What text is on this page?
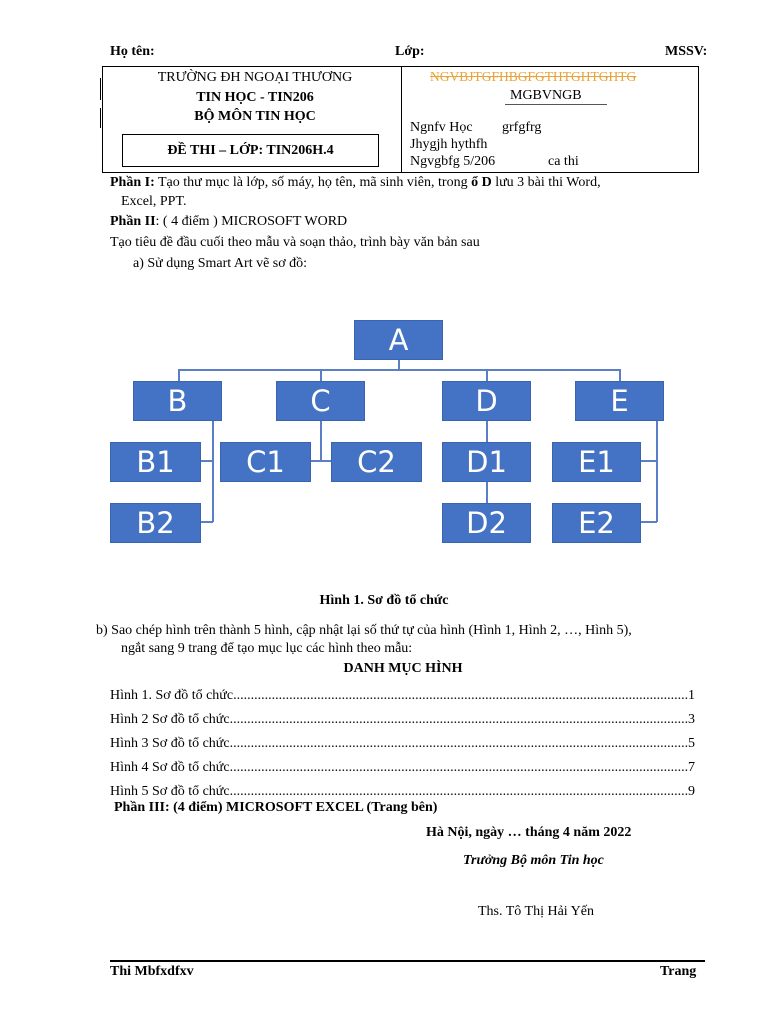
Họ tên:	Lớp:	MSSV:
TRƯỜNG ĐH NGOẠI THƯƠNG
TIN HỌC - TIN206
BỘ MÔN TIN HỌC
ĐỀ THI – LỚP: TIN206H.4
NGVBJTGFHBGFGTHTGHTGHTG
MGBVNGB
Ngnfv Học grfgfrg
Jhygjh hythfh
Ngvgbfg 5/206	ca thi
Phần I: Tạo thư mục là lớp, số máy, họ tên, mã sinh viên, trong ổ D lưu 3 bài thi Word,
Excel, PPT.
Phần II: ( 4 điểm ) MICROSOFT WORD
Tạo tiêu đề đầu cuối theo mẫu và soạn thảo, trình bày văn bản sau
a) Sử dụng Smart Art vẽ sơ đồ:
A
B	C	D	E
B1
B2
C1	C2	D1
D2
E1
E2
Hình 1. Sơ đồ tổ chức
b) Sao chép hình trên thành 5 hình, cập nhật lại số thứ tự của hình (Hình 1, Hình 2, …, Hình 5),
ngắt sang 9 trang để tạo mục lục các hình theo mẫu:
DANH MỤC HÌNH
Hình 1. Sơ đồ tổ chức .....	1
Hình 2 Sơ đồ tổ chức .....	3
Hình 3 Sơ đồ tổ chức .....	5
Hình 4 Sơ đồ tổ chức .....	7
Hình 5 Sơ đồ tổ chức .....	9
Phần III: (4 điểm) MICROSOFT EXCEL (Trang bên)
Hà Nội, ngày … tháng 4 năm 2022
Trưởng Bộ môn Tin học
Ths. Tô Thị Hải Yến
Thi Mbfxdfxv	Trang
